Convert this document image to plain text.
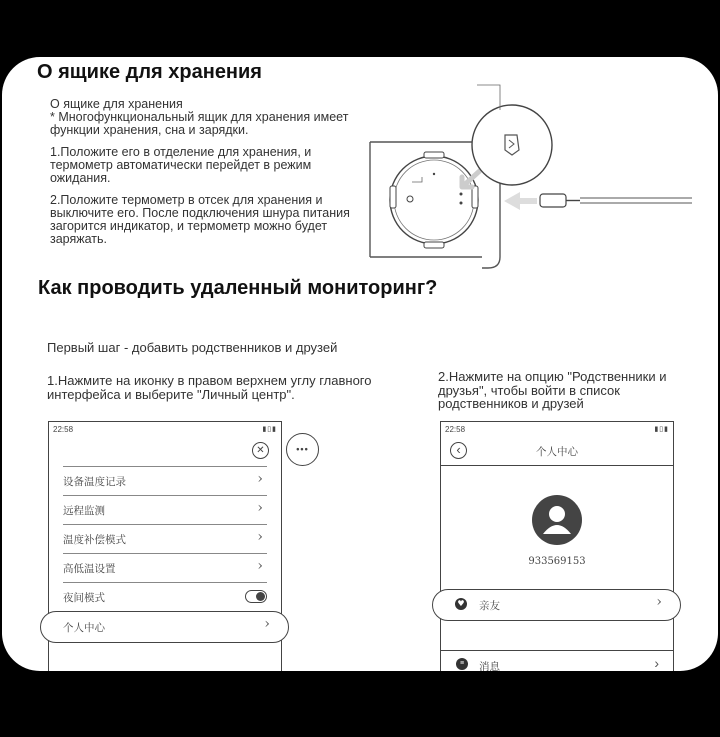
О ящике для хранения

О ящике для хранения

* Многофункциональный ящик для хранения имеет функции хранения, сна и зарядки.

1.Положите его в отделение для хранения, и термометр автоматически перейдет в режим ожидания.

2.Положите термометр в отсек для хранения и выключите его. После подключения шнура питания загорится индикатор, и термометр можно будет заряжать.

Как проводить удаленный мониторинг?
Первый шаг - добавить родственников и друзей
1.Нажмите на иконку в правом верхнем углу главного интерфейса и выберите "Личный центр".
2.Нажмите на опцию "Родственники и друзья", чтобы войти в список родственников и друзей
22:58	▮▯▮
✕
设备温度记录	›
远程监测	›
温度补偿模式	›
高低温设置	›
夜间模式
个人中心	›
•••
22:58	▮▯▮
‹	个人中心
933569153
≡	消息	›
♥ 亲友	›
